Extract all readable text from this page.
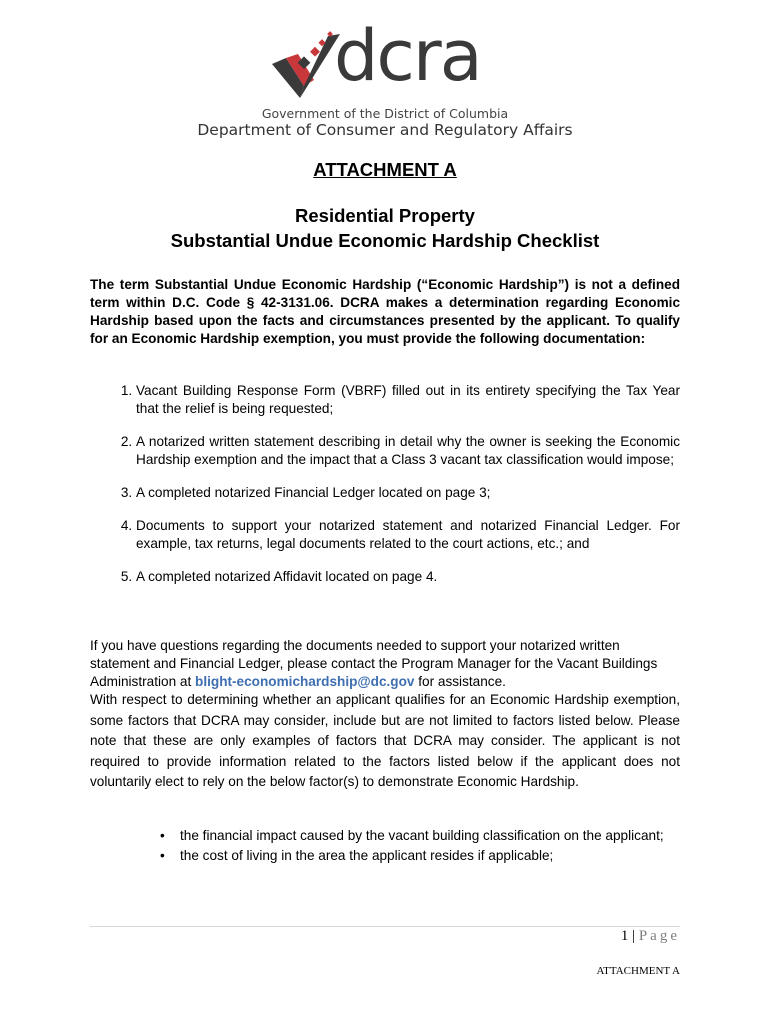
dcra
Government of the District of Columbia
Department of Consumer and Regulatory Affairs
ATTACHMENT A
Residential Property
Substantial Undue Economic Hardship Checklist

The term Substantial Undue Economic Hardship (“Economic Hardship”) is not a defined term within D.C. Code § 42-3131.06. DCRA makes a determination regarding Economic Hardship based upon the facts and circumstances presented by the applicant. To qualify for an Economic Hardship exemption, you must provide the following documentation:

1. Vacant Building Response Form (VBRF) filled out in its entirety specifying the Tax Year that the relief is being requested;
2. A notarized written statement describing in detail why the owner is seeking the Economic Hardship exemption and the impact that a Class 3 vacant tax classification would impose;
3. A completed notarized Financial Ledger located on page 3;
4. Documents to support your notarized statement and notarized Financial Ledger. For example, tax returns, legal documents related to the court actions, etc.; and
5. A completed notarized Affidavit located on page 4.

If you have questions regarding the documents needed to support your notarized written statement and Financial Ledger, please contact the Program Manager for the Vacant Buildings Administration at blight-economichardship@dc.gov for assistance.

With respect to determining whether an applicant qualifies for an Economic Hardship exemption, some factors that DCRA may consider, include but are not limited to factors listed below. Please note that these are only examples of factors that DCRA may consider. The applicant is not required to provide information related to the factors listed below if the applicant does not voluntarily elect to rely on the below factor(s) to demonstrate Economic Hardship.

• the financial impact caused by the vacant building classification on the applicant;
• the cost of living in the area the applicant resides if applicable;
1 | Page
ATTACHMENT A
